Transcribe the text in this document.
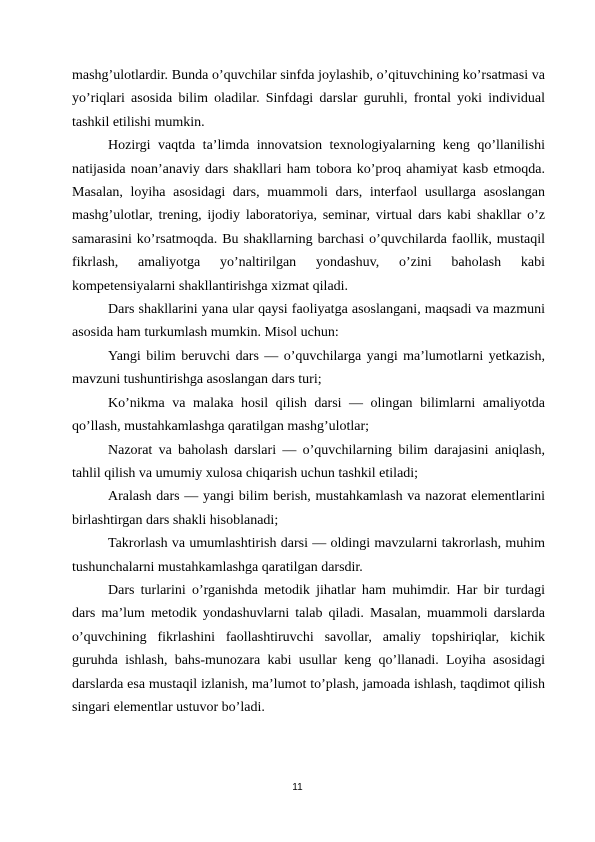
mashg’ulotlardir. Bunda o’quvchilar sinfda joylashib, o’qituvchining ko’rsatmasi va yo’riqlari asosida bilim oladilar. Sinfdagi darslar guruhli, frontal yoki individual tashkil etilishi mumkin.

Hozirgi vaqtda ta’limda innovatsion texnologiyalarning keng qo’llanilishi natijasida noan’anaviy dars shakllari ham tobora ko’proq ahamiyat kasb etmoqda. Masalan, loyiha asosidagi dars, muammoli dars, interfaol usullarga asoslangan mashg’ulotlar, trening, ijodiy laboratoriya, seminar, virtual dars kabi shakllar o’z samarasini ko’rsatmoqda. Bu shakllarning barchasi o’quvchilarda faollik, mustaqil fikrlash, amaliyotga yo’naltirilgan yondashuv, o’zini baholash kabi kompetensiyalarni shakllantirishga xizmat qiladi.

Dars shakllarini yana ular qaysi faoliyatga asoslangani, maqsadi va mazmuni asosida ham turkumlash mumkin. Misol uchun:

Yangi bilim beruvchi dars — o’quvchilarga yangi ma’lumotlarni yetkazish, mavzuni tushuntirishga asoslangan dars turi;

Ko’nikma va malaka hosil qilish darsi — olingan bilimlarni amaliyotda qo’llash, mustahkamlashga qaratilgan mashg’ulotlar;

Nazorat va baholash darslari — o’quvchilarning bilim darajasini aniqlash, tahlil qilish va umumiy xulosa chiqarish uchun tashkil etiladi;

Aralash dars — yangi bilim berish, mustahkamlash va nazorat elementlarini birlashtirgan dars shakli hisoblanadi;

Takrorlash va umumlashtirish darsi — oldingi mavzularni takrorlash, muhim tushunchalarni mustahkamlashga qaratilgan darsdir.

Dars turlarini o’rganishda metodik jihatlar ham muhimdir. Har bir turdagi dars ma’lum metodik yondashuvlarni talab qiladi. Masalan, muammoli darslarda o’quvchining fikrlashini faollashtiruvchi savollar, amaliy topshiriqlar, kichik guruhda ishlash, bahs-munozara kabi usullar keng qo’llanadi. Loyiha asosidagi darslarda esa mustaqil izlanish, ma’lumot to’plash, jamoada ishlash, taqdimot qilish singari elementlar ustuvor bo’ladi.

11
